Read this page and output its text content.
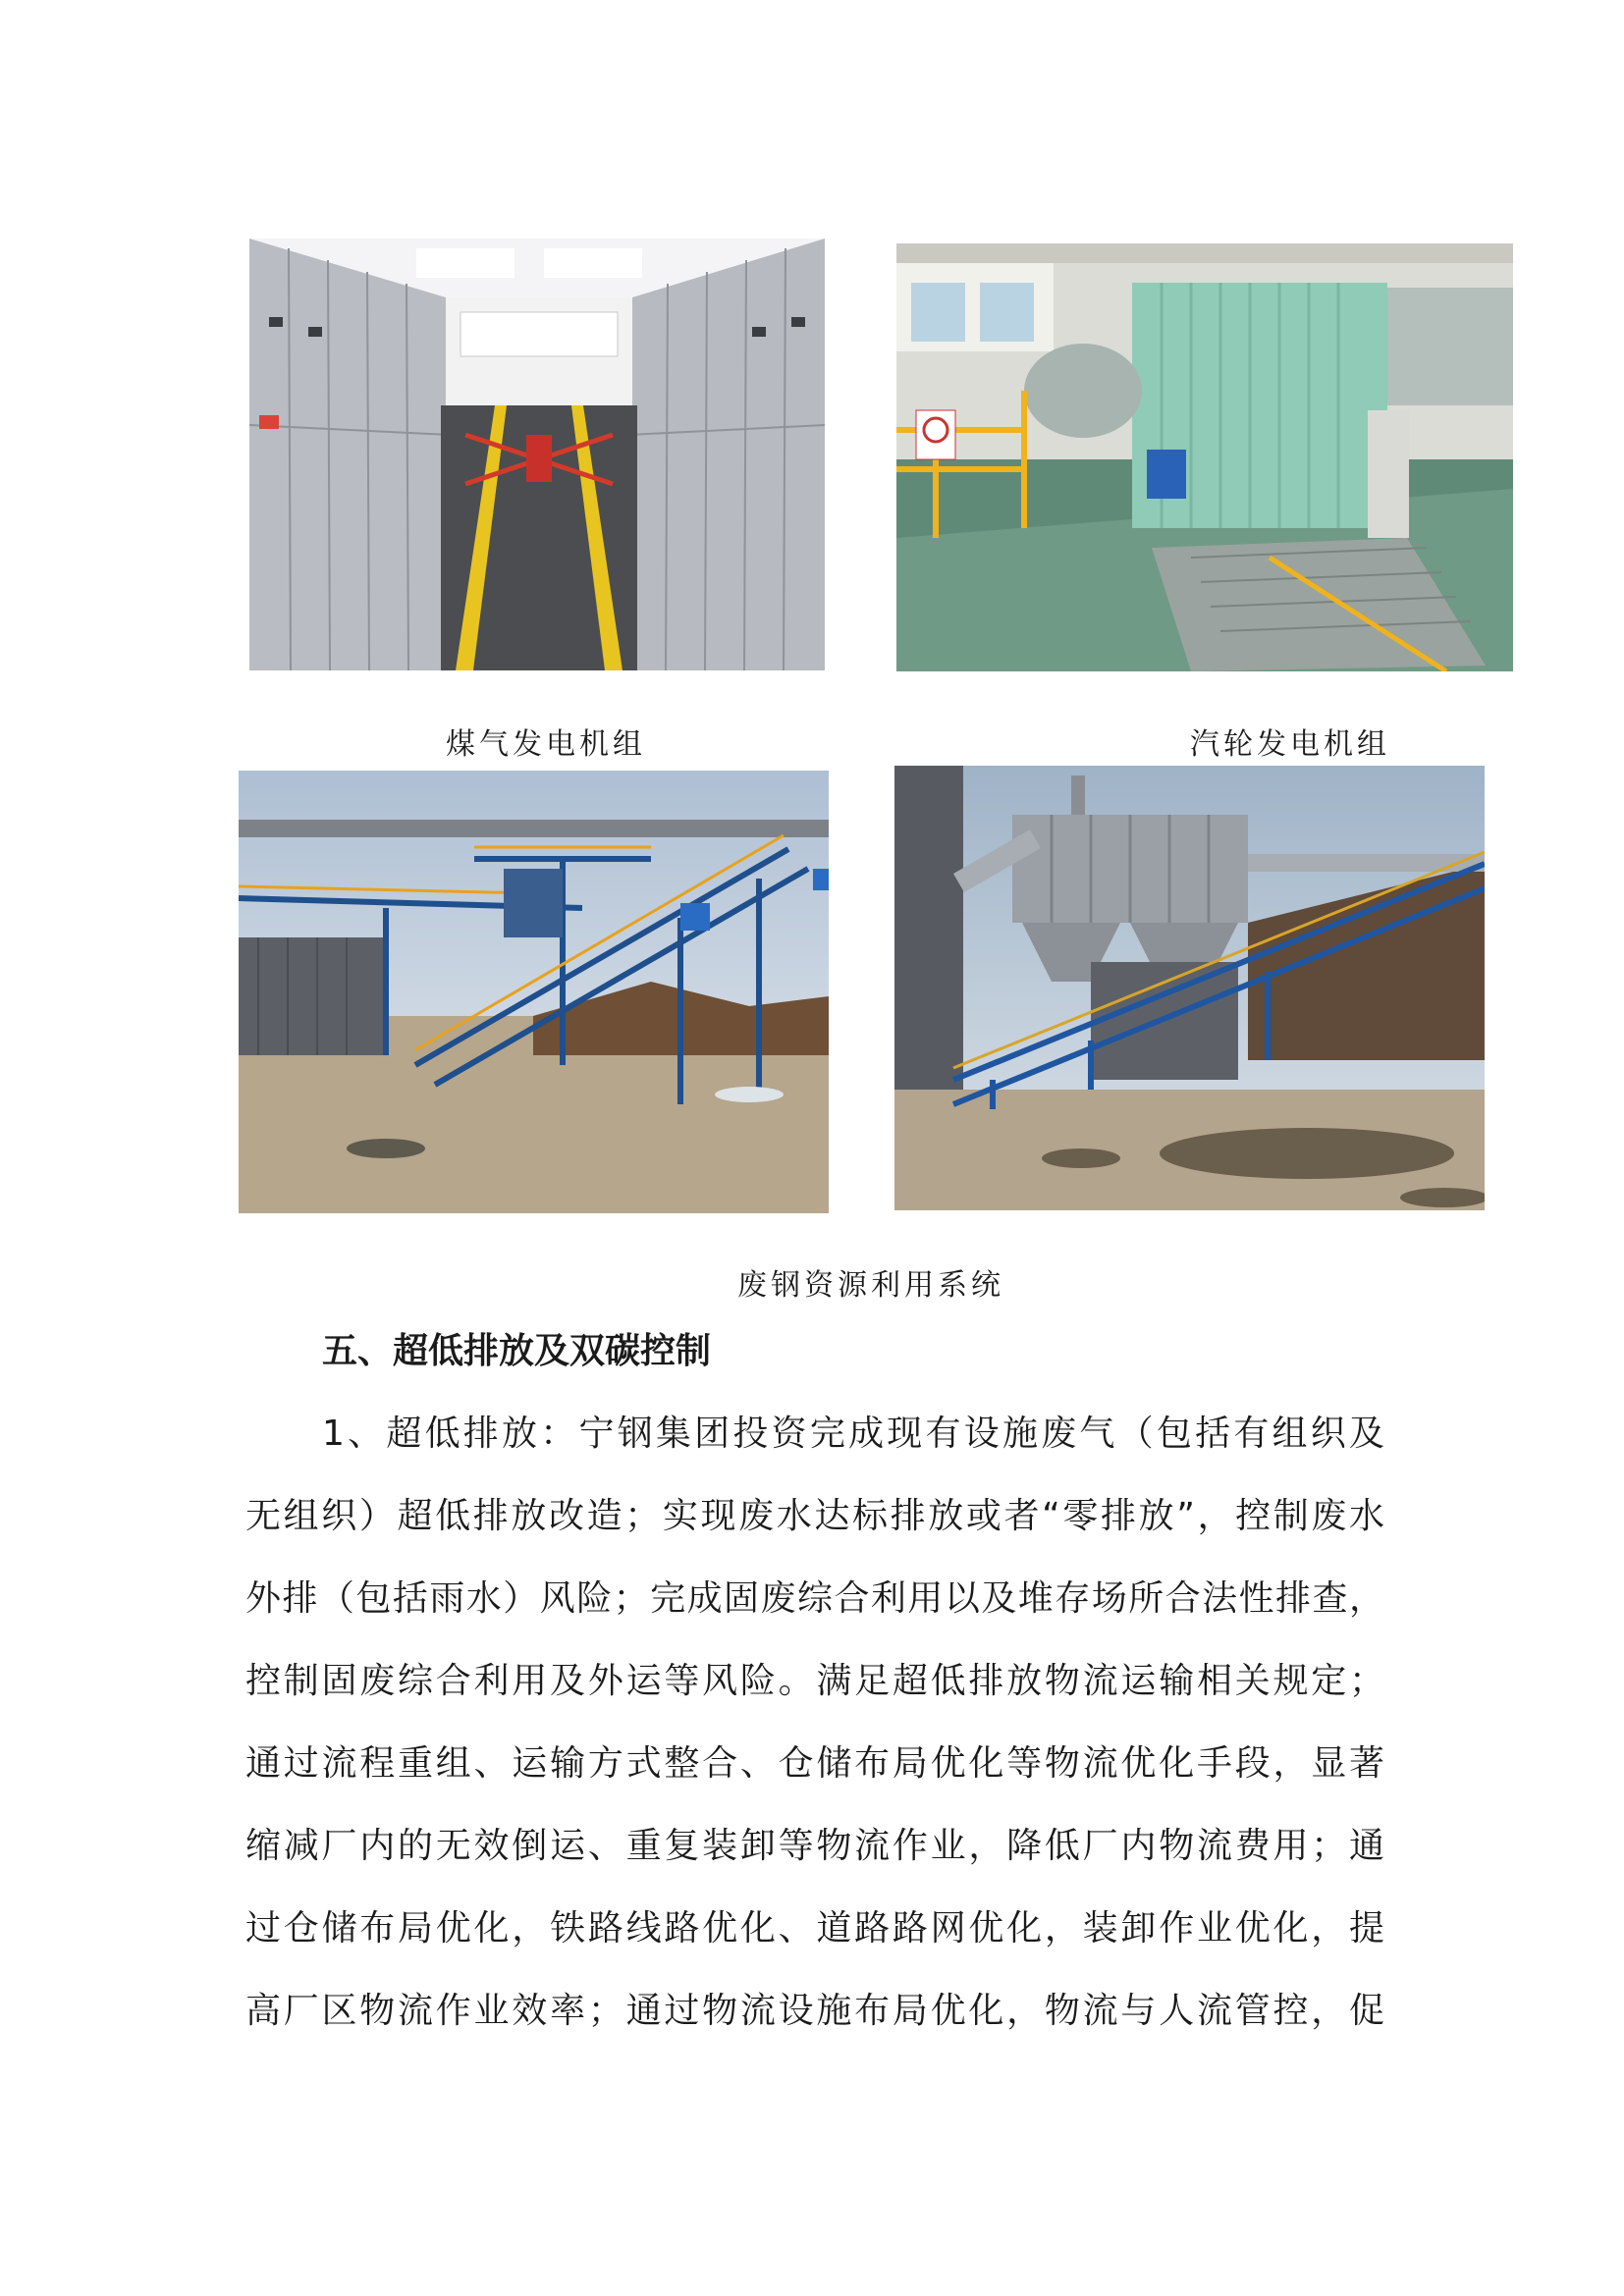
煤气发电机组	汽轮发电机组
废钢资源利用系统
五、超低排放及双碳控制
1、超低排放：宁钢集团投资完成现有设施废气（包括有组织及
无组织）超低排放改造；实现废水达标排放或者“零排放”，控制废水
外排（包括雨水）风险；完成固废综合利用以及堆存场所合法性排查，
控制固废综合利用及外运等风险。满足超低排放物流运输相关规定；
通过流程重组、运输方式整合、仓储布局优化等物流优化手段，显著
缩减厂内的无效倒运、重复装卸等物流作业，降低厂内物流费用；通
过仓储布局优化，铁路线路优化、道路路网优化，装卸作业优化，提
高厂区物流作业效率；通过物流设施布局优化，物流与人流管控，促
